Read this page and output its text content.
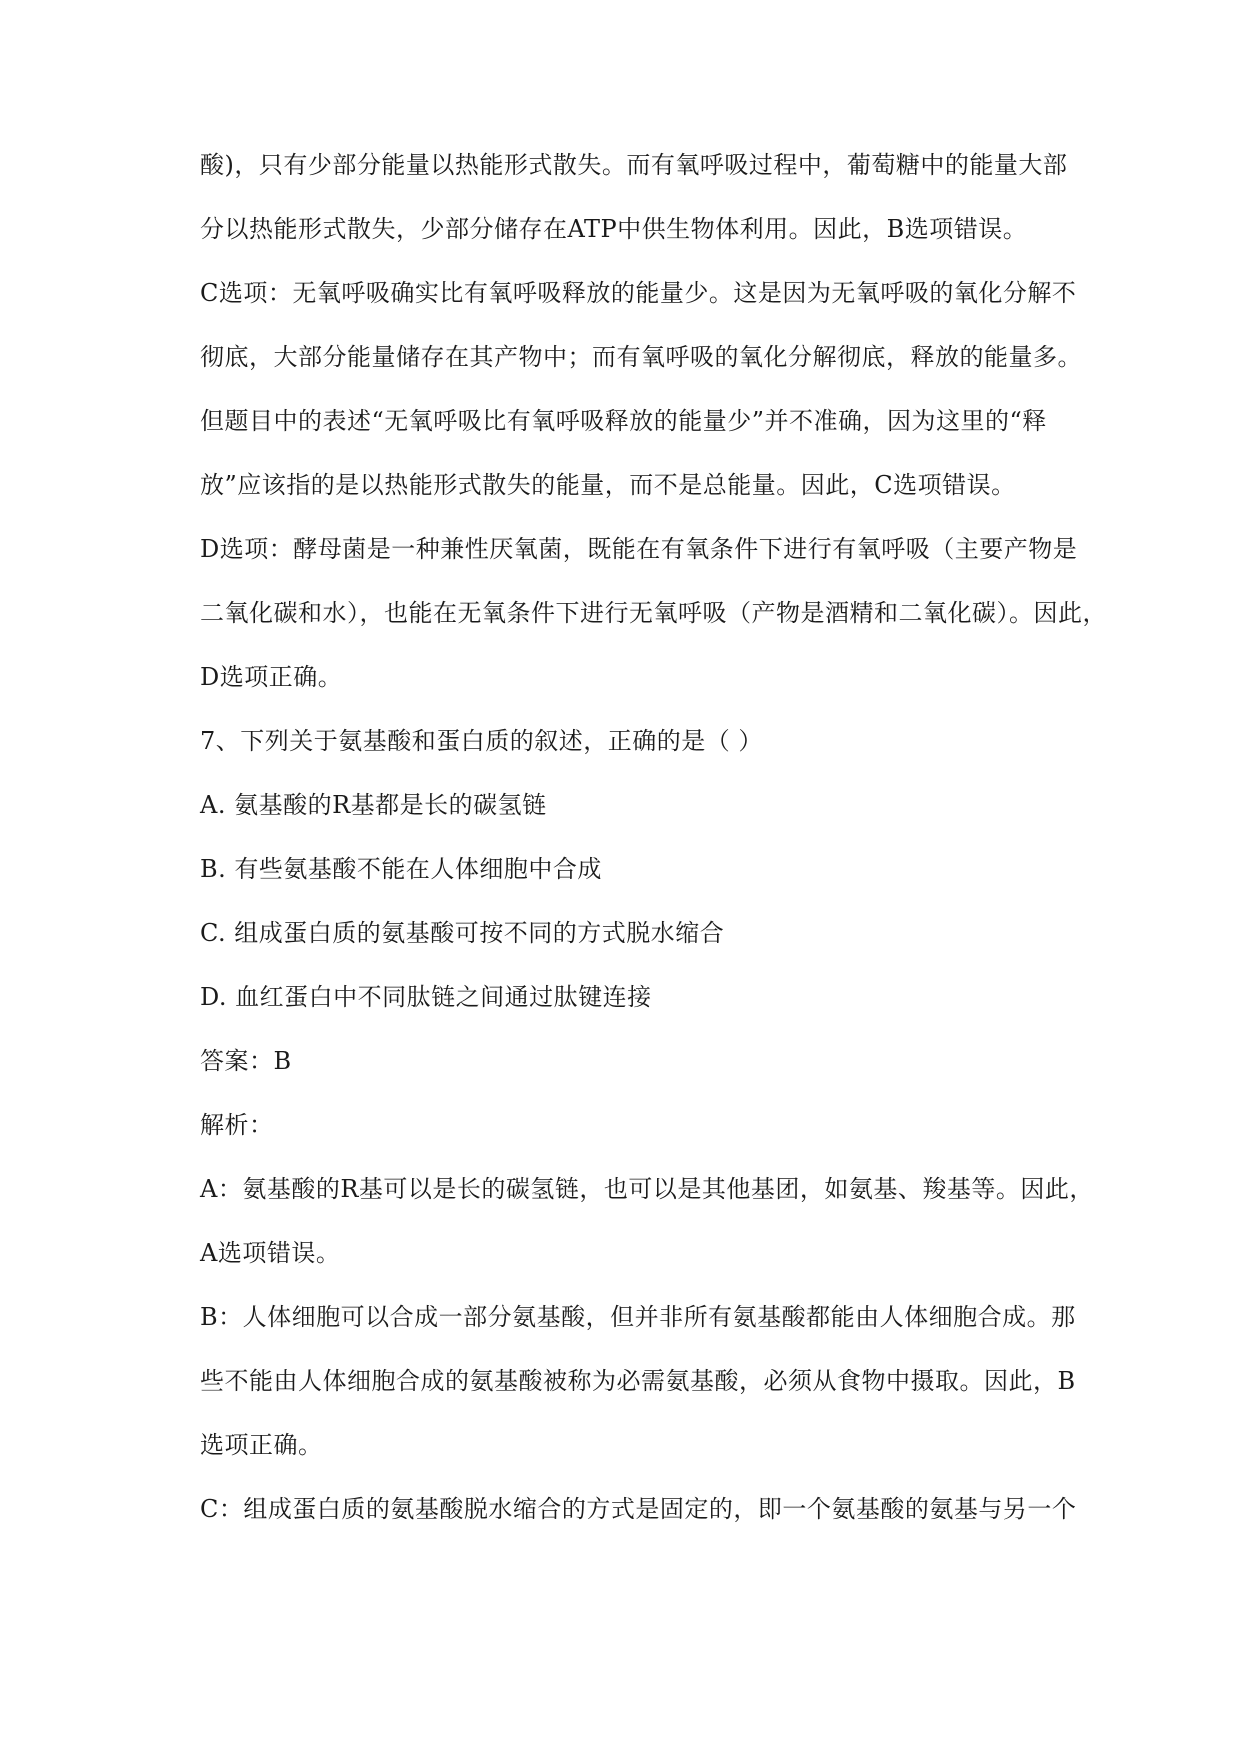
酸)，只有少部分能量以热能形式散失。而有氧呼吸过程中，葡萄糖中的能量大部
分以热能形式散失，少部分储存在ATP中供生物体利用。因此，B选项错误。
C选项：无氧呼吸确实比有氧呼吸释放的能量少。这是因为无氧呼吸的氧化分解不
彻底，大部分能量储存在其产物中；而有氧呼吸的氧化分解彻底，释放的能量多。
但题目中的表述“无氧呼吸比有氧呼吸释放的能量少”并不准确，因为这里的“释
放”应该指的是以热能形式散失的能量，而不是总能量。因此，C选项错误。
D选项：酵母菌是一种兼性厌氧菌，既能在有氧条件下进行有氧呼吸（主要产物是
二氧化碳和水），也能在无氧条件下进行无氧呼吸（产物是酒精和二氧化碳）。因此，
D选项正确。
7、下列关于氨基酸和蛋白质的叙述，正确的是（ ）
A. 氨基酸的R基都是长的碳氢链
B. 有些氨基酸不能在人体细胞中合成
C. 组成蛋白质的氨基酸可按不同的方式脱水缩合
D. 血红蛋白中不同肽链之间通过肽键连接
答案：B
解析：
A：氨基酸的R基可以是长的碳氢链，也可以是其他基团，如氨基、羧基等。因此，
A选项错误。
B：人体细胞可以合成一部分氨基酸，但并非所有氨基酸都能由人体细胞合成。那
些不能由人体细胞合成的氨基酸被称为必需氨基酸，必须从食物中摄取。因此，B
选项正确。
C：组成蛋白质的氨基酸脱水缩合的方式是固定的，即一个氨基酸的氨基与另一个
